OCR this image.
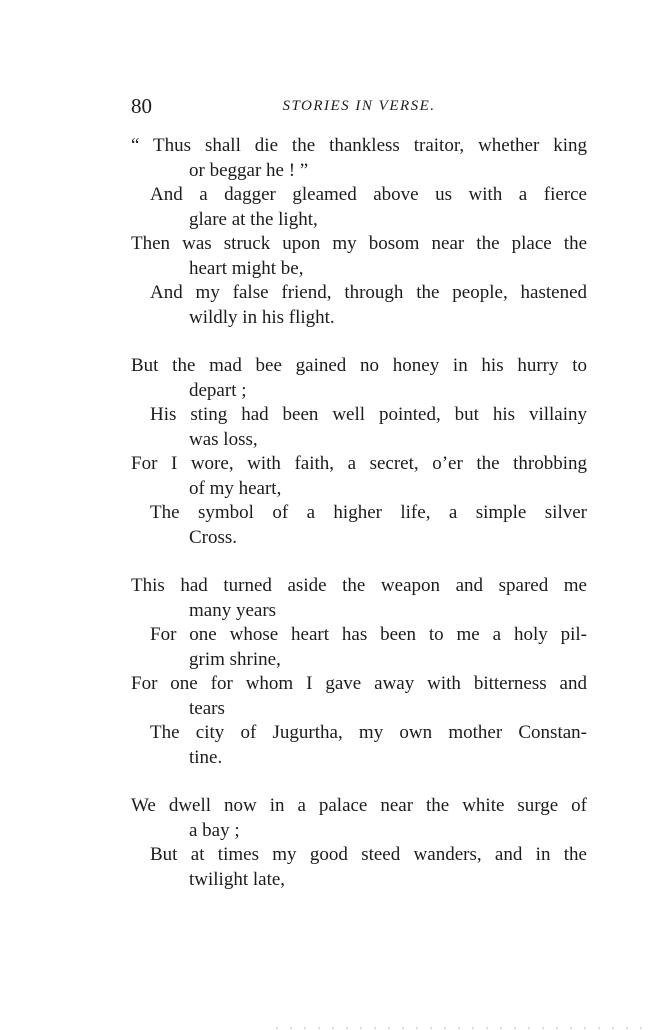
80	STORIES IN VERSE.
“ Thus shall die the thankless traitor, whether king
or beggar he ! ”
And a dagger gleamed above us with a fierce
glare at the light,
Then was struck upon my bosom near the place the
heart might be,
And my false friend, through the people, hastened
wildly in his flight.
But the mad bee gained no honey in his hurry to
depart ;
His sting had been well pointed, but his villainy
was loss,
For I wore, with faith, a secret, o’er the throbbing
of my heart,
The symbol of a higher life, a simple silver
Cross.
This had turned aside the weapon and spared me
many years
For one whose heart has been to me a holy pil-
grim shrine,
For one for whom I gave away with bitterness and
tears
The city of Jugurtha, my own mother Constan-
tine.
We dwell now in a palace near the white surge of
a bay ;
But at times my good steed wanders, and in the
twilight late,
